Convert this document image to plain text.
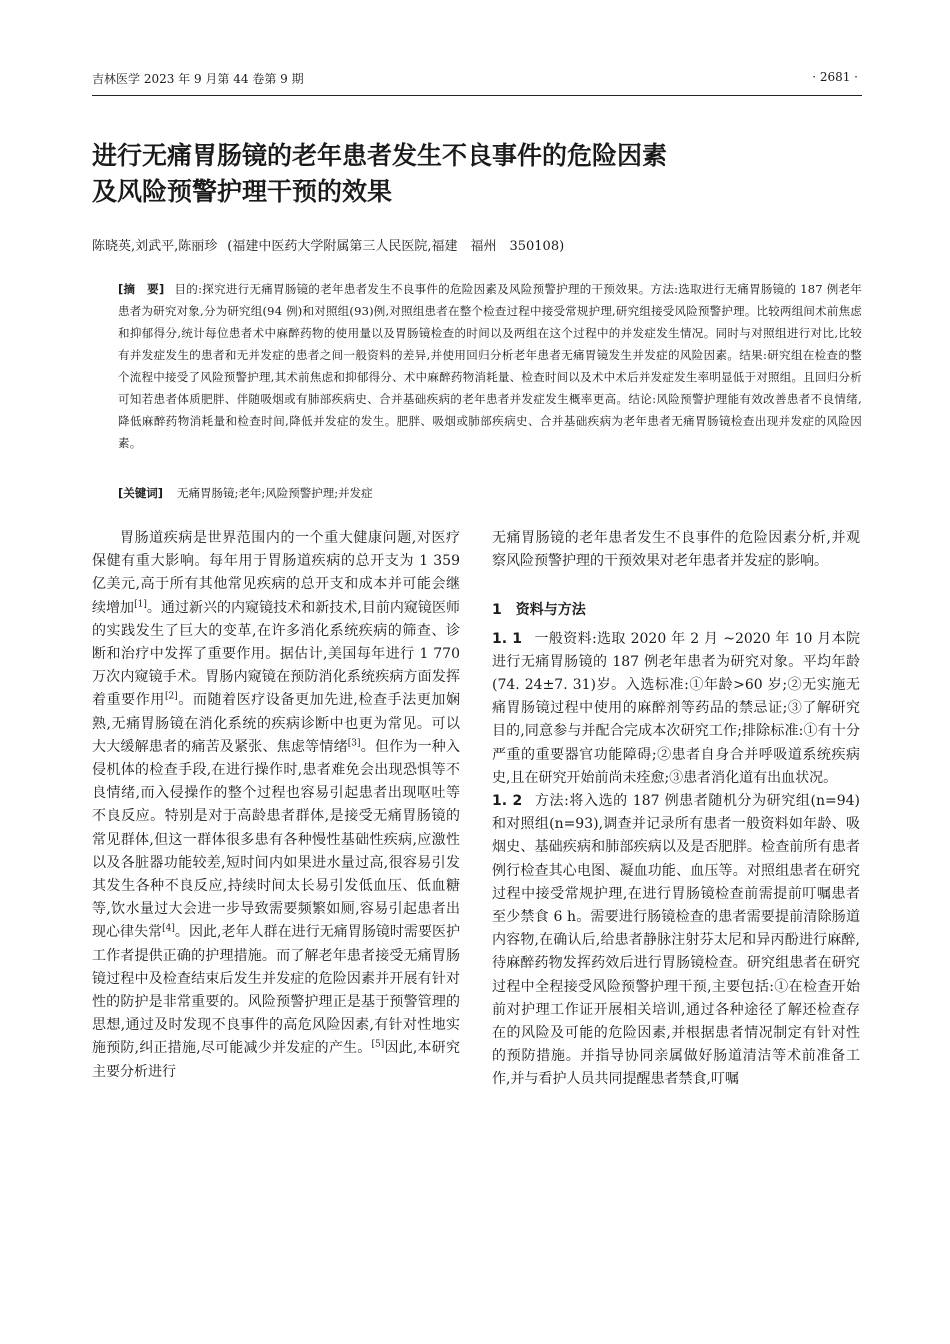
吉林医学 2023 年 9 月第 44 卷第 9 期	· 2681 ·
进行无痛胃肠镜的老年患者发生不良事件的危险因素
及风险预警护理干预的效果
陈晓英,刘武平,陈丽珍 (福建中医药大学附属第三人民医院,福建　福州　350108)
[摘　要] 目的:探究进行无痛胃肠镜的老年患者发生不良事件的危险因素及风险预警护理的干预效果。方法:选取进行无痛胃肠镜的 187 例老年患者为研究对象,分为研究组(94 例)和对照组(93)例,对照组患者在整个检查过程中接受常规护理,研究组接受风险预警护理。比较两组间术前焦虑和抑郁得分,统计每位患者术中麻醉药物的使用量以及胃肠镜检查的时间以及两组在这个过程中的并发症发生情况。同时与对照组进行对比,比较有并发症发生的患者和无并发症的患者之间一般资料的差异,并使用回归分析老年患者无痛胃镜发生并发症的风险因素。结果:研究组在检查的整个流程中接受了风险预警护理,其术前焦虑和抑郁得分、术中麻醉药物消耗量、检查时间以及术中术后并发症发生率明显低于对照组。且回归分析可知若患者体质肥胖、伴随吸烟或有肺部疾病史、合并基础疾病的老年患者并发症发生概率更高。结论:风险预警护理能有效改善患者不良情绪,降低麻醉药物消耗量和检查时间,降低并发症的发生。肥胖、吸烟或肺部疾病史、合并基础疾病为老年患者无痛胃肠镜检查出现并发症的风险因素。
[关键词] 无痛胃肠镜;老年;风险预警护理;并发症

胃肠道疾病是世界范围内的一个重大健康问题,对医疗保健有重大影响。每年用于胃肠道疾病的总开支为 1 359 亿美元,高于所有其他常见疾病的总开支和成本并可能会继续增加[1]。通过新兴的内窥镜技术和新技术,目前内窥镜医师的实践发生了巨大的变革,在许多消化系统疾病的筛查、诊断和治疗中发挥了重要作用。据估计,美国每年进行 1 770万次内窥镜手术。胃肠内窥镜在预防消化系统疾病方面发挥着重要作用[2]。而随着医疗设备更加先进,检查手法更加娴熟,无痛胃肠镜在消化系统的疾病诊断中也更为常见。可以大大缓解患者的痛苦及紧张、焦虑等情绪[3]。但作为一种入侵机体的检查手段,在进行操作时,患者难免会出现恐惧等不良情绪,而入侵操作的整个过程也容易引起患者出现呕吐等不良反应。特别是对于高龄患者群体,是接受无痛胃肠镜的常见群体,但这一群体很多患有各种慢性基础性疾病,应激性以及各脏器功能较差,短时间内如果进水量过高,很容易引发其发生各种不良反应,持续时间太长易引发低血压、低血糖等,饮水量过大会进一步导致需要频繁如厕,容易引起患者出现心律失常[4]。因此,老年人群在进行无痛胃肠镜时需要医护工作者提供正确的护理措施。而了解老年患者接受无痛胃肠镜过程中及检查结束后发生并发症的危险因素并开展有针对性的防护是非常重要的。风险预警护理正是基于预警管理的思想,通过及时发现不良事件的高危风险因素,有针对性地实施预防,纠正措施,尽可能减少并发症的产生。[5]因此,本研究主要分析进行

无痛胃肠镜的老年患者发生不良事件的危险因素分析,并观察风险预警护理的干预效果对老年患者并发症的影响。

1　资料与方法

1. 1 一般资料:选取 2020 年 2 月 ~2020 年 10 月本院进行无痛胃肠镜的 187 例老年患者为研究对象。平均年龄(74. 24±7. 31)岁。入选标准:①年龄>60 岁;②无实施无痛胃肠镜过程中使用的麻醉剂等药品的禁忌证;③了解研究目的,同意参与并配合完成本次研究工作;排除标准:①有十分严重的重要器官功能障碍;②患者自身合并呼吸道系统疾病史,且在研究开始前尚未痊愈;③患者消化道有出血状况。

1. 2 方法:将入选的 187 例患者随机分为研究组(n=94)和对照组(n=93),调查并记录所有患者一般资料如年龄、吸烟史、基础疾病和肺部疾病以及是否肥胖。检查前所有患者例行检查其心电图、凝血功能、血压等。对照组患者在研究过程中接受常规护理,在进行胃肠镜检查前需提前叮嘱患者至少禁食 6 h。需要进行肠镜检查的患者需要提前清除肠道内容物,在确认后,给患者静脉注射芬太尼和异丙酚进行麻醉,待麻醉药物发挥药效后进行胃肠镜检查。研究组患者在研究过程中全程接受风险预警护理干预,主要包括:①在检查开始前对护理工作证开展相关培训,通过各种途径了解还检查存在的风险及可能的危险因素,并根据患者情况制定有针对性的预防措施。并指导协同亲属做好肠道清洁等术前准备工作,并与看护人员共同提醒患者禁食,叮嘱
